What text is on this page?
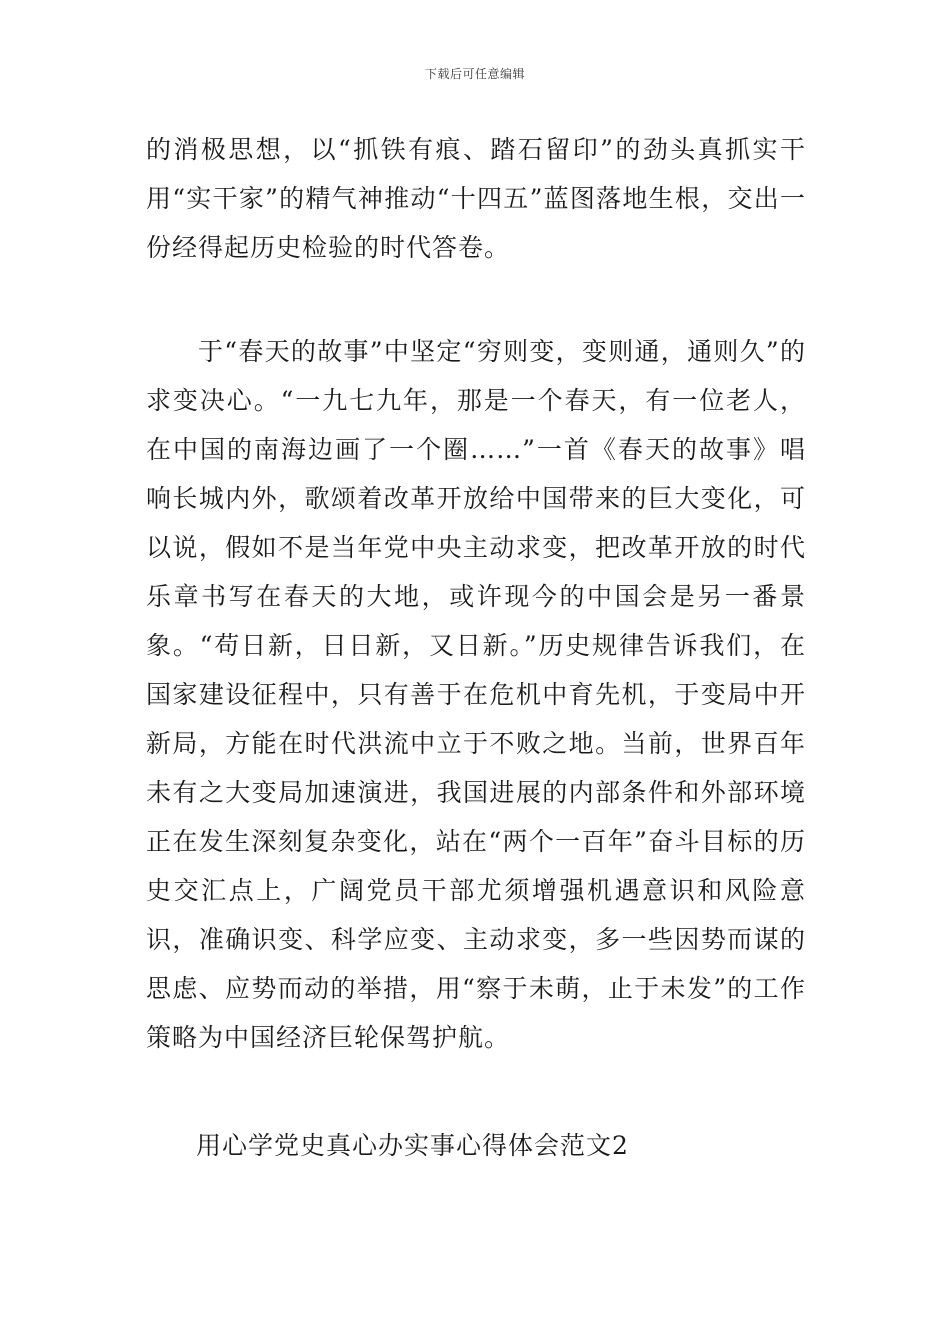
下载后可任意编辑

的消极思想，以“抓铁有痕、踏石留印”的劲头真抓实干用“实干家”的精气神推动“十四五”蓝图落地生根，交出一份经得起历史检验的时代答卷。

于“春天的故事”中坚定“穷则变，变则通，通则久”的求变决心。“一九七九年，那是一个春天，有一位老人，在中国的南海边画了一个圈……”一首《春天的故事》唱响长城内外，歌颂着改革开放给中国带来的巨大变化，可以说，假如不是当年党中央主动求变，把改革开放的时代乐章书写在春天的大地，或许现今的中国会是另一番景象。“苟日新，日日新，又日新。”历史规律告诉我们，在国家建设征程中，只有善于在危机中育先机，于变局中开新局，方能在时代洪流中立于不败之地。当前，世界百年未有之大变局加速演进，我国进展的内部条件和外部环境正在发生深刻复杂变化，站在“两个一百年”奋斗目标的历史交汇点上，广阔党员干部尤须增强机遇意识和风险意识，准确识变、科学应变、主动求变，多一些因势而谋的思虑、应势而动的举措，用“察于未萌，止于未发”的工作策略为中国经济巨轮保驾护航。

用心学党史真心办实事心得体会范文2
